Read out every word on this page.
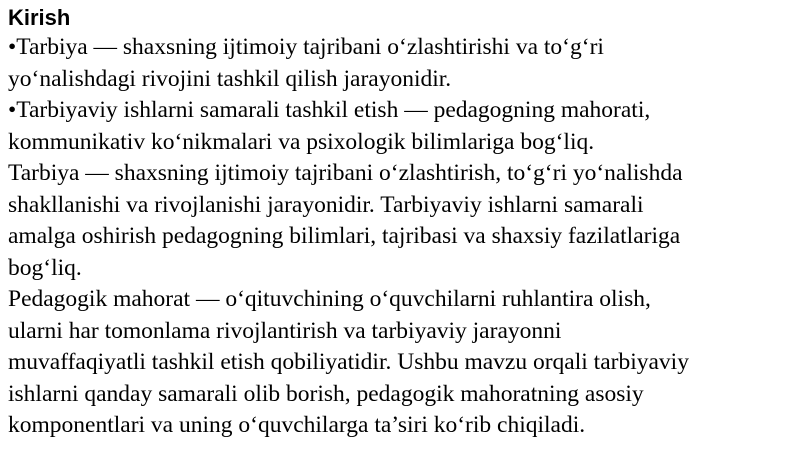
Kirish
•Tarbiya — shaxsning ijtimoiy tajribani o‘zlashtirishi va to‘g‘ri
yo‘nalishdagi rivojini tashkil qilish jarayonidir.
•Tarbiyaviy ishlarni samarali tashkil etish — pedagogning mahorati,
kommunikativ ko‘nikmalari va psixologik bilimlariga bog‘liq.
Tarbiya — shaxsning ijtimoiy tajribani o‘zlashtirish, to‘g‘ri yo‘nalishda
shakllanishi va rivojlanishi jarayonidir. Tarbiyaviy ishlarni samarali
amalga oshirish pedagogning bilimlari, tajribasi va shaxsiy fazilatlariga
bog‘liq.
Pedagogik mahorat — o‘qituvchining o‘quvchilarni ruhlantira olish,
ularni har tomonlama rivojlantirish va tarbiyaviy jarayonni
muvaffaqiyatli tashkil etish qobiliyatidir. Ushbu mavzu orqali tarbiyaviy
ishlarni qanday samarali olib borish, pedagogik mahoratning asosiy
komponentlari va uning o‘quvchilarga ta’siri ko‘rib chiqiladi.
